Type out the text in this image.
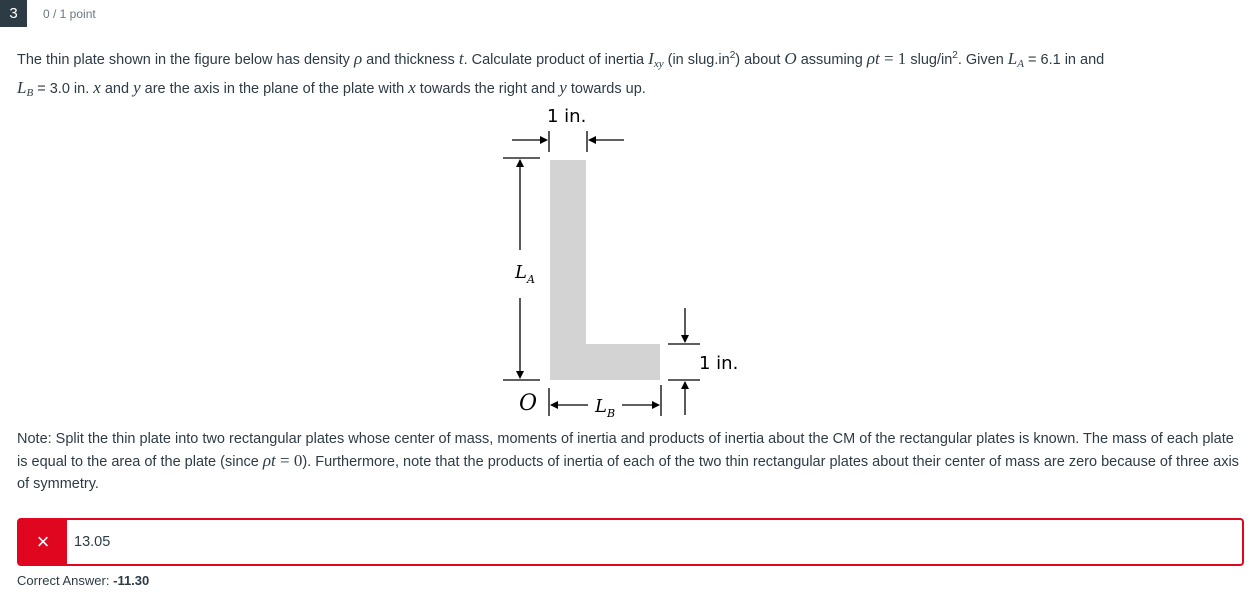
3	0 / 1 point
The thin plate shown in the figure below has density ρ and thickness t. Calculate product of inertia $I_{xy}$ (in $slug.in^2$) about O assuming ρt = 1 slug/$in^2$. Given $L_A = 6.1$ in and
$L_B = 3.0$ in. x and y are the axis in the plane of the plate with x towards the right and y towards up.
1 in.
$L_A$
1 in.
$L_B$
O
Note: Split the thin plate into two rectangular plates whose center of mass, moments of inertia and products of inertia about the CM of the rectangular plates is known. The mass of each plate is equal to the area of the plate (since ρt = 0). Furthermore, note that the products of inertia of each of the two thin rectangular plates about their center of mass are zero because of three axis of symmetry.
×	13.05
Correct Answer: -11.30
